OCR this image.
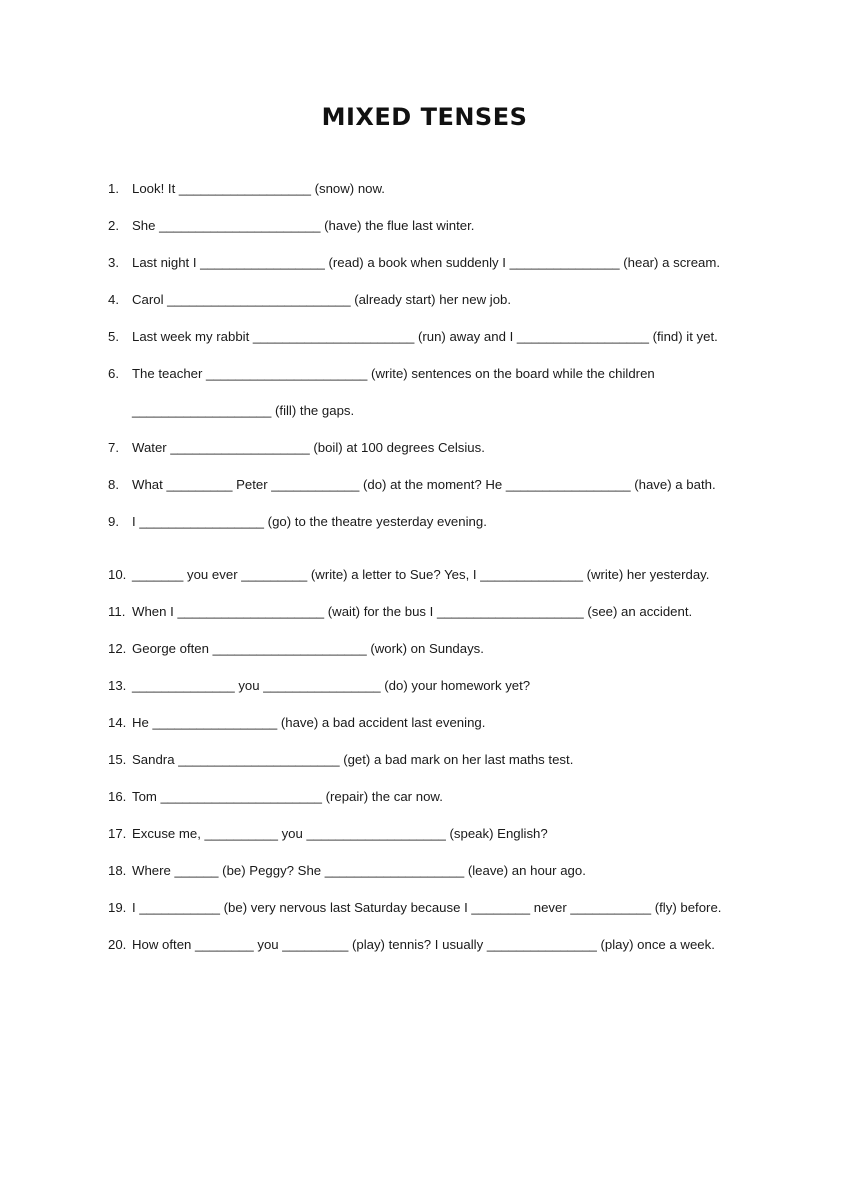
MIXED TENSES
1. Look! It __________________ (snow) now.
2. She ______________________ (have) the flue last winter.
3. Last night I _________________ (read) a book when suddenly I _______________ (hear) a scream.
4. Carol _________________________ (already start) her new job.
5. Last week my rabbit ______________________ (run) away and I __________________ (find) it yet.
6. The teacher ______________________ (write) sentences on the board while the children
___________________ (fill) the gaps.
7. Water ___________________ (boil) at 100 degrees Celsius.
8. What _________ Peter ____________ (do) at the moment? He _________________ (have) a bath.
9. I _________________ (go) to the theatre yesterday evening.
10. _______ you ever _________ (write) a letter to Sue? Yes, I ______________ (write) her yesterday.
11. When I ____________________ (wait) for the bus I ____________________ (see) an accident.
12. George often _____________________ (work) on Sundays.
13. ______________ you ________________ (do) your homework yet?
14. He _________________ (have) a bad accident last evening.
15. Sandra ______________________ (get) a bad mark on her last maths test.
16. Tom ______________________ (repair) the car now.
17. Excuse me, __________ you ___________________ (speak) English?
18. Where ______ (be) Peggy? She ___________________ (leave) an hour ago.
19. I ___________ (be) very nervous last Saturday because I ________ never ___________ (fly) before.
20. How often ________ you _________ (play) tennis? I usually _______________ (play) once a week.
